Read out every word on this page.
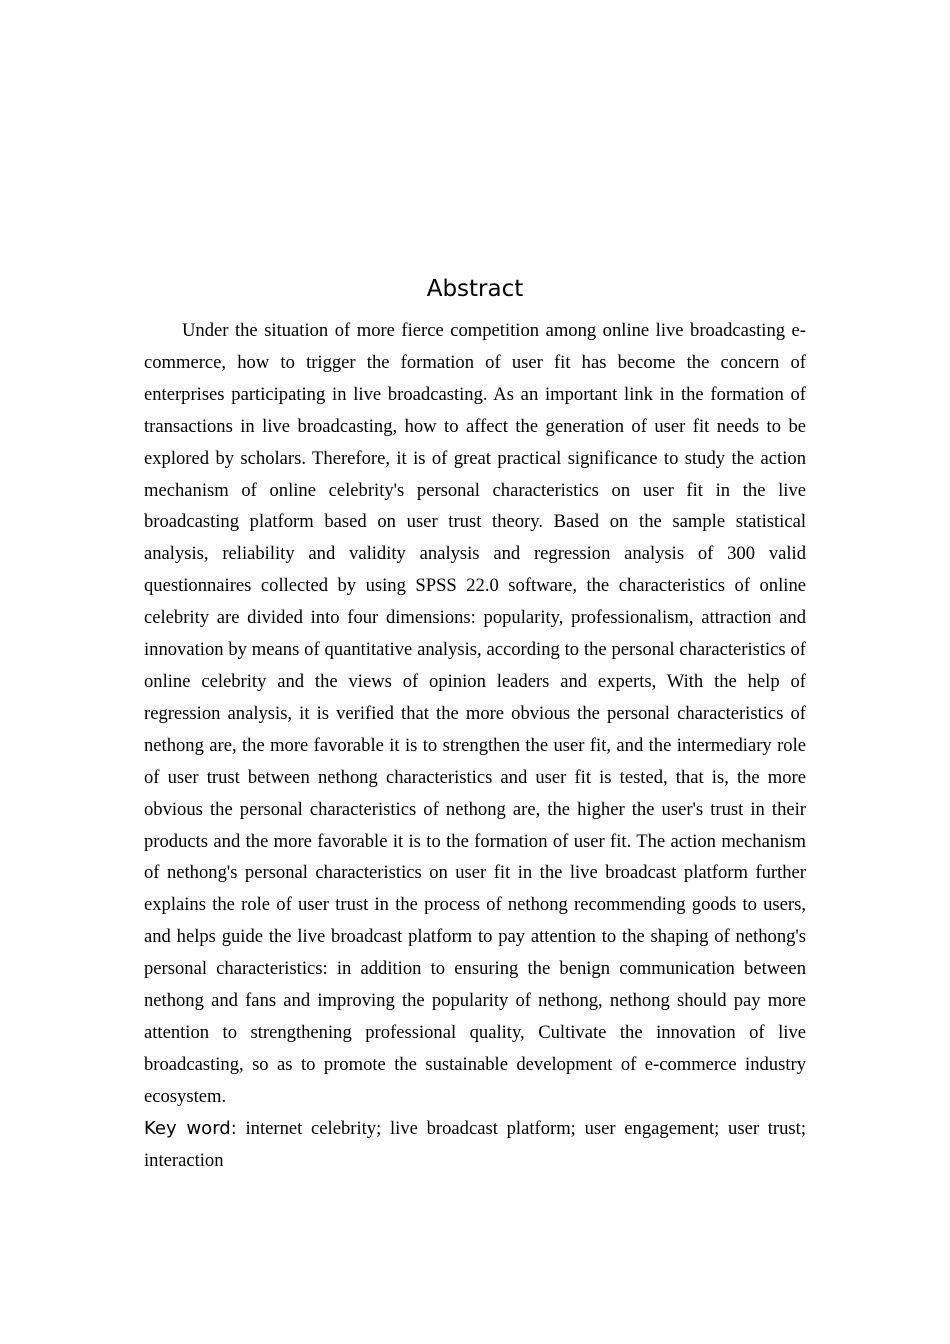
Abstract

Under the situation of more fierce competition among online live broadcasting e-commerce, how to trigger the formation of user fit has become the concern of enterprises participating in live broadcasting. As an important link in the formation of transactions in live broadcasting, how to affect the generation of user fit needs to be explored by scholars. Therefore, it is of great practical significance to study the action mechanism of online celebrity's personal characteristics on user fit in the live broadcasting platform based on user trust theory. Based on the sample statistical analysis, reliability and validity analysis and regression analysis of 300 valid questionnaires collected by using SPSS 22.0 software, the characteristics of online celebrity are divided into four dimensions: popularity, professionalism, attraction and innovation by means of quantitative analysis, according to the personal characteristics of online celebrity and the views of opinion leaders and experts, With the help of regression analysis, it is verified that the more obvious the personal characteristics of nethong are, the more favorable it is to strengthen the user fit, and the intermediary role of user trust between nethong characteristics and user fit is tested, that is, the more obvious the personal characteristics of nethong are, the higher the user's trust in their products and the more favorable it is to the formation of user fit. The action mechanism of nethong's personal characteristics on user fit in the live broadcast platform further explains the role of user trust in the process of nethong recommending goods to users, and helps guide the live broadcast platform to pay attention to the shaping of nethong's personal characteristics: in addition to ensuring the benign communication between nethong and fans and improving the popularity of nethong, nethong should pay more attention to strengthening professional quality, Cultivate the innovation of live broadcasting, so as to promote the sustainable development of e-commerce industry ecosystem.

Key word: internet celebrity; live broadcast platform; user engagement; user trust; interaction
